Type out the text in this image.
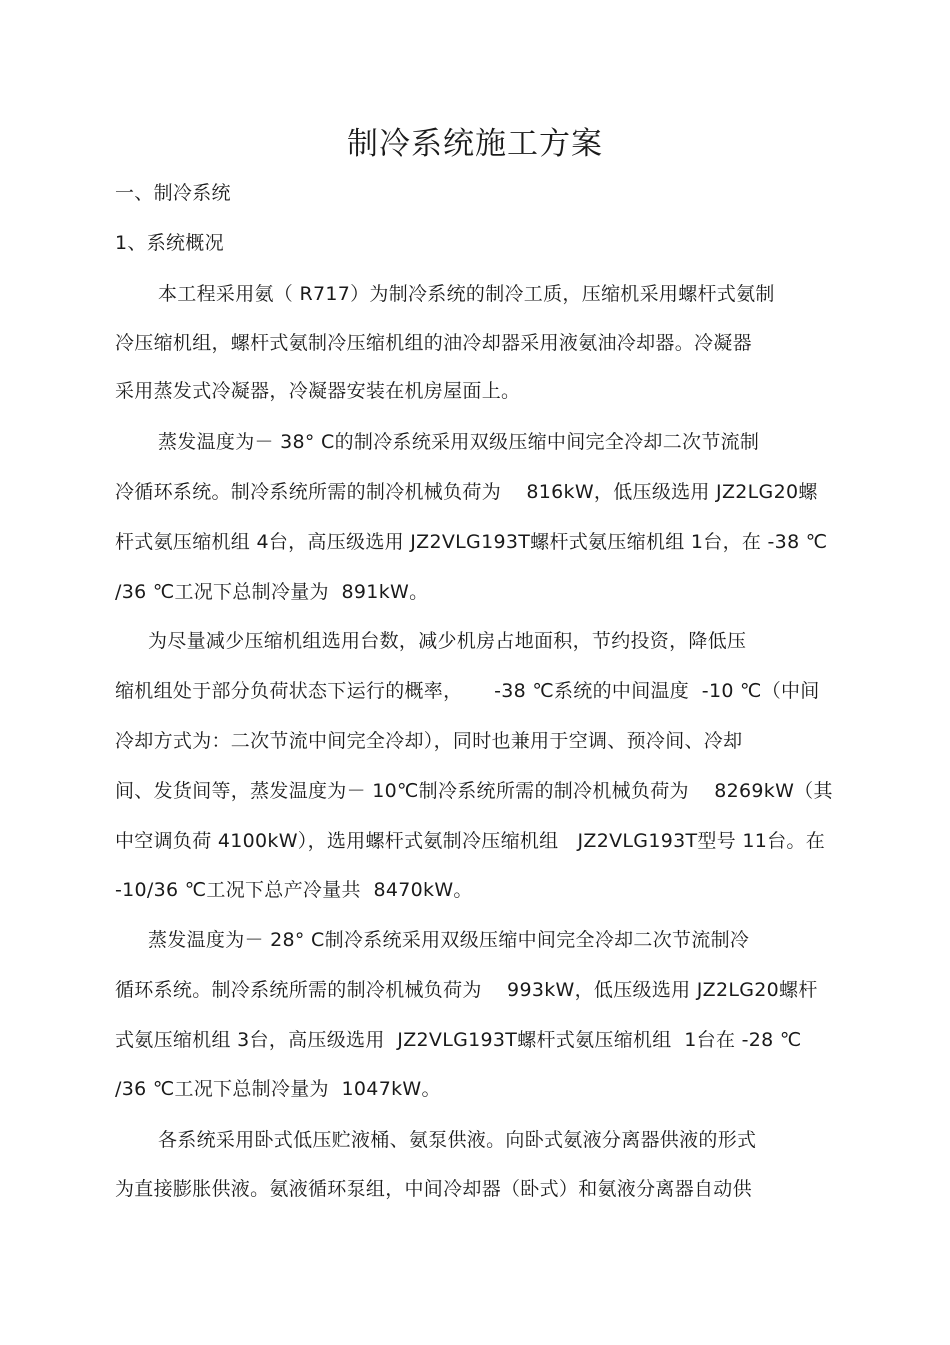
制冷系统施工方案
一、制冷系统
1、系统概况
本工程采用氨（ R717）为制冷系统的制冷工质，压缩机采用螺杆式氨制
冷压缩机组，螺杆式氨制冷压缩机组的油冷却器采用液氨油冷却器。冷凝器
采用蒸发式冷凝器，冷凝器安装在机房屋面上。
蒸发温度为－ 38° C的制冷系统采用双级压缩中间完全冷却二次节流制
冷循环系统。制冷系统所需的制冷机械负荷为    816kW，低压级选用 JZ2LG20螺
杆式氨压缩机组 4台，高压级选用 JZ2VLG193T螺杆式氨压缩机组 1台，在 -38 ℃
/36 ℃工况下总制冷量为  891kW。
为尽量减少压缩机组选用台数，减少机房占地面积，节约投资，降低压
缩机组处于部分负荷状态下运行的概率，     -38 ℃系统的中间温度  -10 ℃（中间
冷却方式为：二次节流中间完全冷却），同时也兼用于空调、预冷间、冷却
间、发货间等，蒸发温度为－ 10℃制冷系统所需的制冷机械负荷为    8269kW（其
中空调负荷 4100kW），选用螺杆式氨制冷压缩机组   JZ2VLG193T型号 11台。在
-10/36 ℃工况下总产冷量共  8470kW。
蒸发温度为－ 28° C制冷系统采用双级压缩中间完全冷却二次节流制冷
循环系统。制冷系统所需的制冷机械负荷为    993kW，低压级选用 JZ2LG20螺杆
式氨压缩机组 3台，高压级选用  JZ2VLG193T螺杆式氨压缩机组  1台在 -28 ℃
/36 ℃工况下总制冷量为  1047kW。
各系统采用卧式低压贮液桶、氨泵供液。向卧式氨液分离器供液的形式
为直接膨胀供液。氨液循环泵组，中间冷却器（卧式）和氨液分离器自动供
